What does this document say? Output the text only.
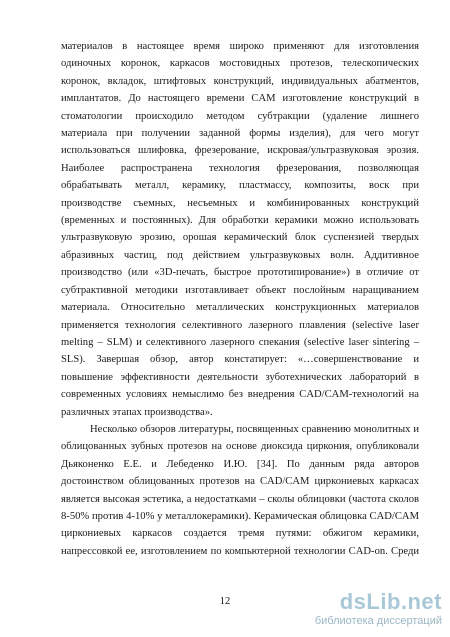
материалов в настоящее время широко применяют для изготовления
одиночных коронок, каркасов мостовидных протезов, телескопических
коронок, вкладок, штифтовых конструкций, индивидуальных абатментов,
имплантатов. До настоящего времени CAM изготовление конструкций в
стоматологии происходило методом субтракции (удаление лишнего
материала при получении заданной формы изделия), для чего могут
использоваться шлифовка, фрезерование, искровая/ультразвуковая эрозия.
Наиболее распространена технология фрезерования, позволяющая
обрабатывать металл, керамику, пластмассу, композиты, воск при
производстве съемных, несъемных и комбинированных конструкций
(временных и постоянных). Для обработки керамики можно использовать
ультразвуковую эрозию, орошая керамический блок суспензией твердых
абразивных частиц, под действием ультразвуковых волн. Аддитивное
производство (или «3D-печать, быстрое прототипирование») в отличие от
субтрактивной методики изготавливает объект послойным наращиванием
материала. Относительно металлических конструкционных материалов
применяется технология селективного лазерного плавления (selective laser
melting – SLM) и селективного лазерного спекания (selective laser sintering –
SLS). Завершая обзор, автор констатирует: «…совершенствование и
повышение эффективности деятельности зуботехнических лабораторий в
современных условиях немыслимо без внедрения CAD/CAM-технологий на
различных этапах производства».
Несколько обзоров литературы, посвященных сравнению монолитных и
облицованных зубных протезов на основе диоксида циркония, опубликовали
Дьяконенко Е.Е. и Лебеденко И.Ю. [34]. По данным ряда авторов
достоинством облицованных протезов на CAD/CAM циркониевых каркасах
является высокая эстетика, а недостатками – сколы облицовки (частота сколов
8-50% против 4-10% у металлокерамики). Керамическая облицовка CAD/CAM
циркониевых каркасов создается тремя путями: обжигом керамики,
напрессовкой ее, изготовлением по компьютерной технологии CAD-on. Среди
12	dsLib.net
библиотека диссертаций
